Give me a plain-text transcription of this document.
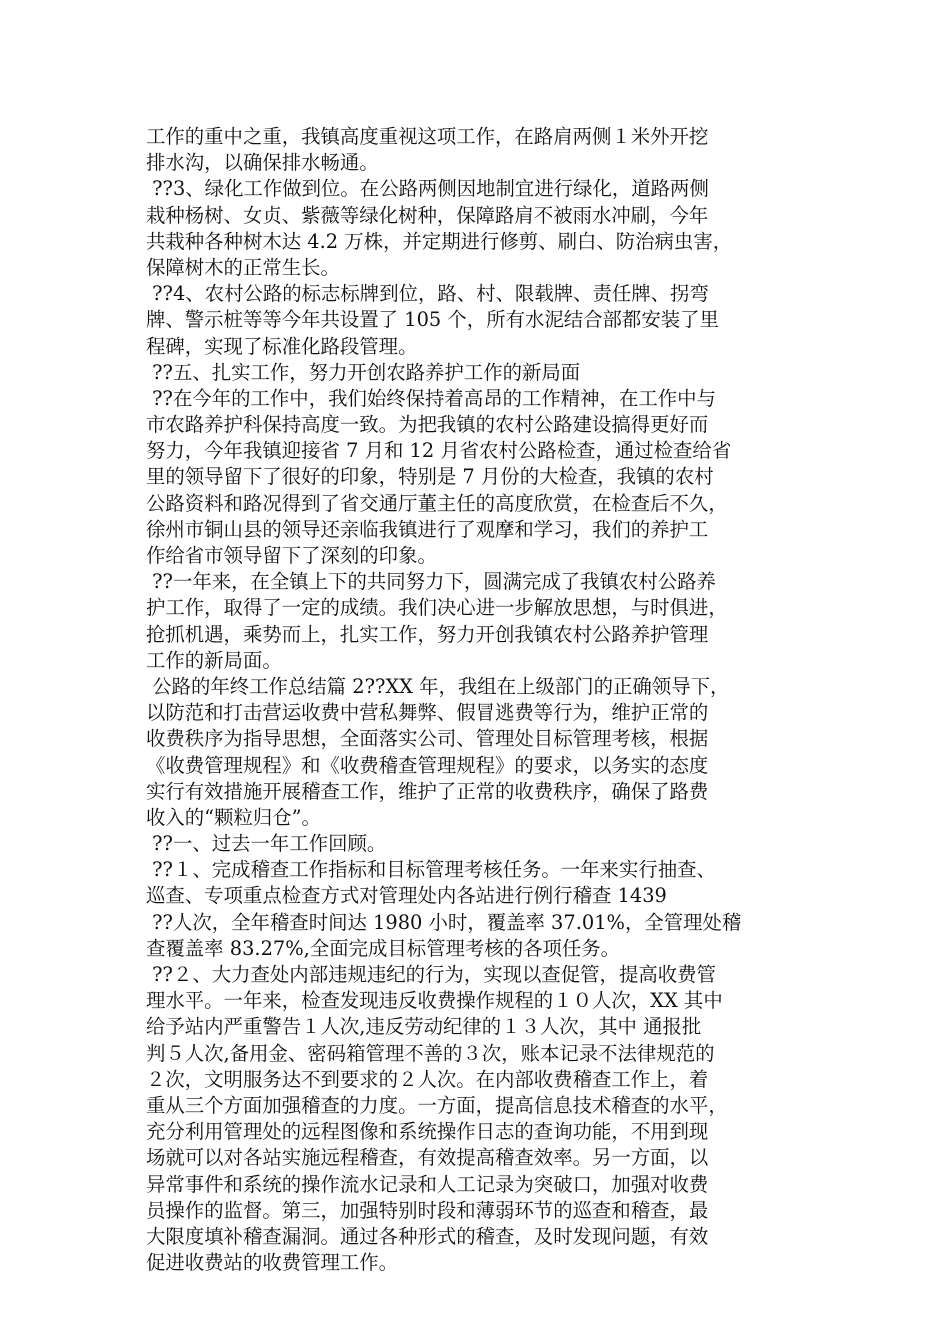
工作的重中之重，我镇高度重视这项工作，在路肩两侧１米外开挖
排水沟，以确保排水畅通。
??3、绿化工作做到位。在公路两侧因地制宜进行绿化，道路两侧
栽种杨树、女贞、紫薇等绿化树种，保障路肩不被雨水冲刷，今年
共栽种各种树木达 4.2 万株，并定期进行修剪、刷白、防治病虫害，
保障树木的正常生长。
??4、农村公路的标志标牌到位，路、村、限载牌、责任牌、拐弯
牌、警示桩等等今年共设置了 105 个，所有水泥结合部都安装了里
程碑，实现了标准化路段管理。
??五、扎实工作，努力开创农路养护工作的新局面
??在今年的工作中，我们始终保持着高昂的工作精神，在工作中与
市农路养护科保持高度一致。为把我镇的农村公路建设搞得更好而
努力，今年我镇迎接省 7 月和 12 月省农村公路检查，通过检查给省
里的领导留下了很好的印象，特别是 7 月份的大检查，我镇的农村
公路资料和路况得到了省交通厅董主任的高度欣赏，在检查后不久，
徐州市铜山县的领导还亲临我镇进行了观摩和学习，我们的养护工
作给省市领导留下了深刻的印象。
??一年来，在全镇上下的共同努力下，圆满完成了我镇农村公路养
护工作，取得了一定的成绩。我们决心进一步解放思想，与时俱进，
抢抓机遇，乘势而上，扎实工作，努力开创我镇农村公路养护管理
工作的新局面。
公路的年终工作总结篇 2??XX 年，我组在上级部门的正确领导下，
以防范和打击营运收费中营私舞弊、假冒逃费等行为，维护正常的
收费秩序为指导思想，全面落实公司、管理处目标管理考核，根据
《收费管理规程》和《收费稽查管理规程》的要求，以务实的态度
实行有效措施开展稽查工作，维护了正常的收费秩序，确保了路费
收入的“颗粒归仓”。
??一、过去一年工作回顾。
??１、完成稽查工作指标和目标管理考核任务。一年来实行抽查、
巡查、专项重点检查方式对管理处内各站进行例行稽查 1439
??人次，全年稽查时间达 1980 小时，覆盖率 37.01%，全管理处稽
查覆盖率 83.27%,全面完成目标管理考核的各项任务。
??２、大力查处内部违规违纪的行为，实现以查促管，提高收费管
理水平。一年来，检查发现违反收费操作规程的１０人次，XX 其中
给予站内严重警告１人次,违反劳动纪律的１３人次，其中 通报批
判５人次,备用金、密码箱管理不善的３次，账本记录不法律规范的
２次，文明服务达不到要求的２人次。在内部收费稽查工作上，着
重从三个方面加强稽查的力度。一方面，提高信息技术稽查的水平，
充分利用管理处的远程图像和系统操作日志的查询功能，不用到现
场就可以对各站实施远程稽查，有效提高稽查效率。另一方面，以
异常事件和系统的操作流水记录和人工记录为突破口，加强对收费
员操作的监督。第三，加强特别时段和薄弱环节的巡查和稽查，最
大限度填补稽查漏洞。通过各种形式的稽查，及时发现问题，有效
促进收费站的收费管理工作。
